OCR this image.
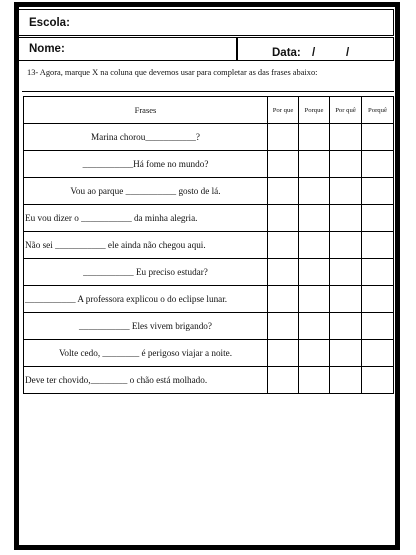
Escola:
Nome:	Data: /	/
13- Agora, marque X na coluna que devemos usar para completar as das frases abaixo:
Frases	Por que	Porque	Por quê	Porquê
Marina chorou___________?				
___________Há fome no mundo?				
Vou ao parque ___________ gosto de lá.				
Eu vou dizer o ___________ da minha alegria.				
Não sei ___________ ele ainda não chegou aqui.				
___________ Eu preciso estudar?				
___________ A professora explicou o do eclipse lunar.				
___________ Eles vivem brigando?				
Volte cedo, ________ é perigoso viajar a noite.				
Deve ter chovido,________ o chão está molhado.				
